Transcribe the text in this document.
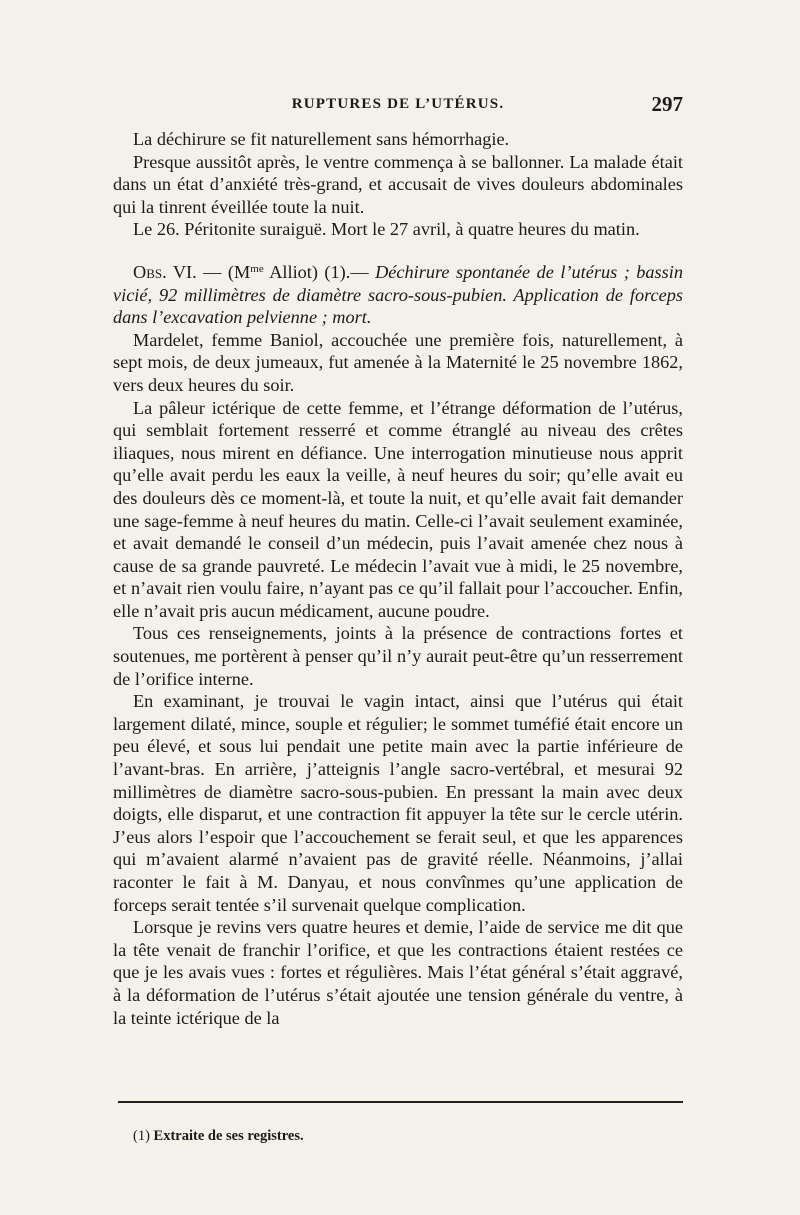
RUPTURES DE L’UTÉRUS.	297

La déchirure se fit naturellement sans hémorrhagie.

Presque aussitôt après, le ventre commença à se ballonner. La malade était dans un état d’anxiété très-grand, et accusait de vives douleurs abdominales qui la tinrent éveillée toute la nuit.

Le 26. Péritonite suraiguë. Mort le 27 avril, à quatre heures du matin.

Obs. VI. — ($M^{me}$ Alliot) (1).— Déchirure spontanée de l’utérus ; bassin vicié, 92 millimètres de diamètre sacro-sous-pubien. Application de forceps dans l’excavation pelvienne ; mort.

Mardelet, femme Baniol, accouchée une première fois, naturellement, à sept mois, de deux jumeaux, fut amenée à la Maternité le 25 novembre 1862, vers deux heures du soir.

La pâleur ictérique de cette femme, et l’étrange déformation de l’utérus, qui semblait fortement resserré et comme étranglé au niveau des crêtes iliaques, nous mirent en défiance. Une interrogation minutieuse nous apprit qu’elle avait perdu les eaux la veille, à neuf heures du soir; qu’elle avait eu des douleurs dès ce moment-là, et toute la nuit, et qu’elle avait fait demander une sage-femme à neuf heures du matin. Celle-ci l’avait seulement examinée, et avait demandé le conseil d’un médecin, puis l’avait amenée chez nous à cause de sa grande pauvreté. Le médecin l’avait vue à midi, le 25 novembre, et n’avait rien voulu faire, n’ayant pas ce qu’il fallait pour l’accoucher. Enfin, elle n’avait pris aucun médicament, aucune poudre.

Tous ces renseignements, joints à la présence de contractions fortes et soutenues, me portèrent à penser qu’il n’y aurait peut-être qu’un resserrement de l’orifice interne.

En examinant, je trouvai le vagin intact, ainsi que l’utérus qui était largement dilaté, mince, souple et régulier; le sommet tuméfié était encore un peu élevé, et sous lui pendait une petite main avec la partie inférieure de l’avant-bras. En arrière, j’atteignis l’angle sacro-vertébral, et mesurai 92 millimètres de diamètre sacro-sous-pubien. En pressant la main avec deux doigts, elle disparut, et une contraction fit appuyer la tête sur le cercle utérin. J’eus alors l’espoir que l’accouchement se ferait seul, et que les apparences qui m’avaient alarmé n’avaient pas de gravité réelle. Néanmoins, j’allai raconter le fait à M. Danyau, et nous convînmes qu’une application de forceps serait tentée s’il survenait quelque complication.

Lorsque je revins vers quatre heures et demie, l’aide de service me dit que la tête venait de franchir l’orifice, et que les contractions étaient restées ce que je les avais vues : fortes et régulières. Mais l’état général s’était aggravé, à la déformation de l’utérus s’était ajoutée une tension générale du ventre, à la teinte ictérique de la

(1) Extraite de ses registres.
